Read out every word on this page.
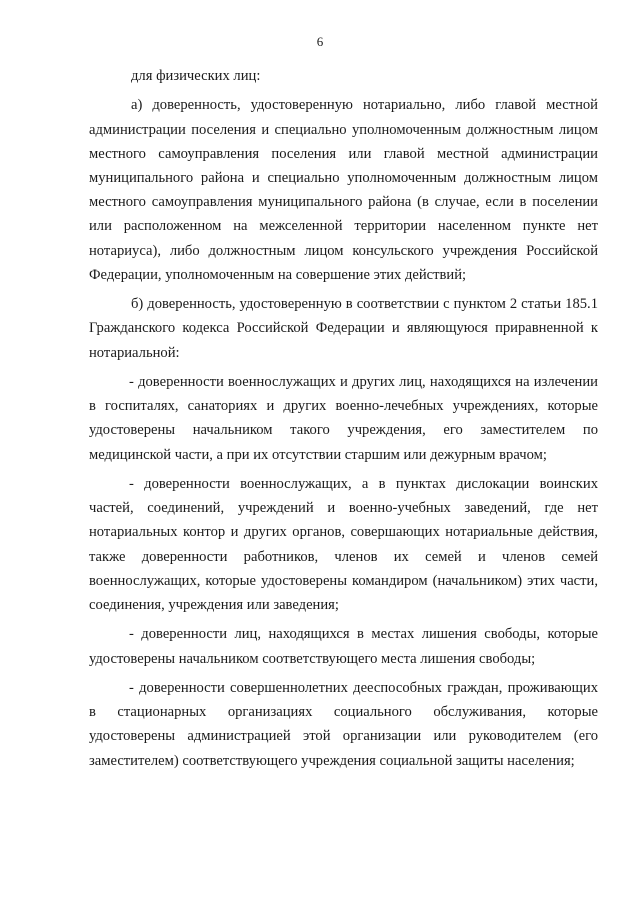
6

для физических лиц:

а) доверенность, удостоверенную нотариально, либо главой местной администрации поселения и специально уполномоченным должностным лицом местного самоуправления поселения или главой местной администрации муниципального района и специально уполномоченным должностным лицом местного самоуправления муниципального района (в случае, если в поселении или расположенном на межселенной территории населенном пункте нет нотариуса), либо должностным лицом консульского учреждения Российской Федерации, уполномоченным на совершение этих действий;

б) доверенность, удостоверенную в соответствии с пунктом 2 статьи 185.1 Гражданского кодекса Российской Федерации и являющуюся приравненной к нотариальной:

- доверенности военнослужащих и других лиц, находящихся на излечении в госпиталях, санаториях и других военно-лечебных учреждениях, которые удостоверены начальником такого учреждения, его заместителем по медицинской части, а при их отсутствии старшим или дежурным врачом;

- доверенности военнослужащих, а в пунктах дислокации воинских частей, соединений, учреждений и военно-учебных заведений, где нет нотариальных контор и других органов, совершающих нотариальные действия, также доверенности работников, членов их семей и членов семей военнослужащих, которые удостоверены командиром (начальником) этих части, соединения, учреждения или заведения;

- доверенности лиц, находящихся в местах лишения свободы, которые удостоверены начальником соответствующего места лишения свободы;

- доверенности совершеннолетних дееспособных граждан, проживающих в стационарных организациях социального обслуживания, которые удостоверены администрацией этой организации или руководителем (его заместителем) соответствующего учреждения социальной защиты населения;
